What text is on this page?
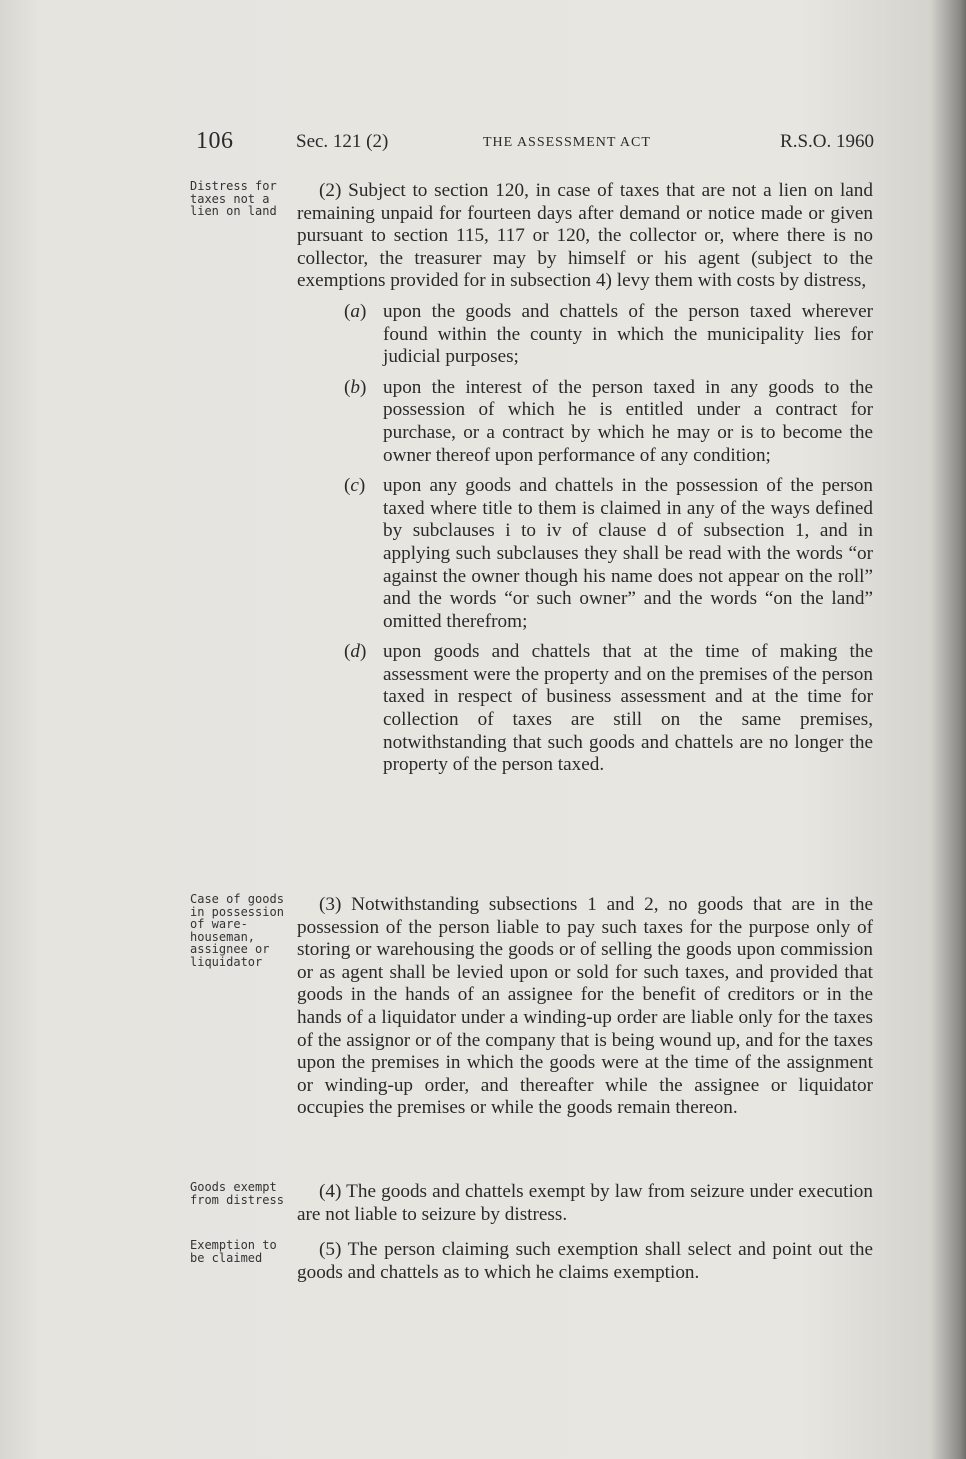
106	Sec. 121 (2)	THE ASSESSMENT ACT	R.S.O. 1960
Distress for taxes not a lien on land
Case of goods in possession of ware-houseman, assignee or liquidator
Goods exempt from distress
Exemption to be claimed

(2) Subject to section 120, in case of taxes that are not a lien on land remaining unpaid for fourteen days after demand or notice made or given pursuant to section 115, 117 or 120, the collector or, where there is no collector, the treasurer may by himself or his agent (subject to the exemptions provided for in subsection 4) levy them with costs by distress,

(a) upon the goods and chattels of the person taxed wherever found within the county in which the municipality lies for judicial purposes;
(b) upon the interest of the person taxed in any goods to the possession of which he is entitled under a contract for purchase, or a contract by which he may or is to become the owner thereof upon performance of any condition;
(c) upon any goods and chattels in the possession of the person taxed where title to them is claimed in any of the ways defined by subclauses i to iv of clause d of subsection 1, and in applying such subclauses they shall be read with the words “or against the owner though his name does not appear on the roll” and the words “or such owner” and the words “on the land” omitted therefrom;
(d) upon goods and chattels that at the time of making the assessment were the property and on the premises of the person taxed in respect of business assessment and at the time for collection of taxes are still on the same premises, notwithstanding that such goods and chattels are no longer the property of the person taxed.

(3) Notwithstanding subsections 1 and 2, no goods that are in the possession of the person liable to pay such taxes for the purpose only of storing or warehousing the goods or of selling the goods upon commission or as agent shall be levied upon or sold for such taxes, and provided that goods in the hands of an assignee for the benefit of creditors or in the hands of a liquidator under a winding-up order are liable only for the taxes of the assignor or of the company that is being wound up, and for the taxes upon the premises in which the goods were at the time of the assignment or winding-up order, and thereafter while the assignee or liquidator occupies the premises or while the goods remain thereon.

(4) The goods and chattels exempt by law from seizure under execution are not liable to seizure by distress.

(5) The person claiming such exemption shall select and point out the goods and chattels as to which he claims exemption.
